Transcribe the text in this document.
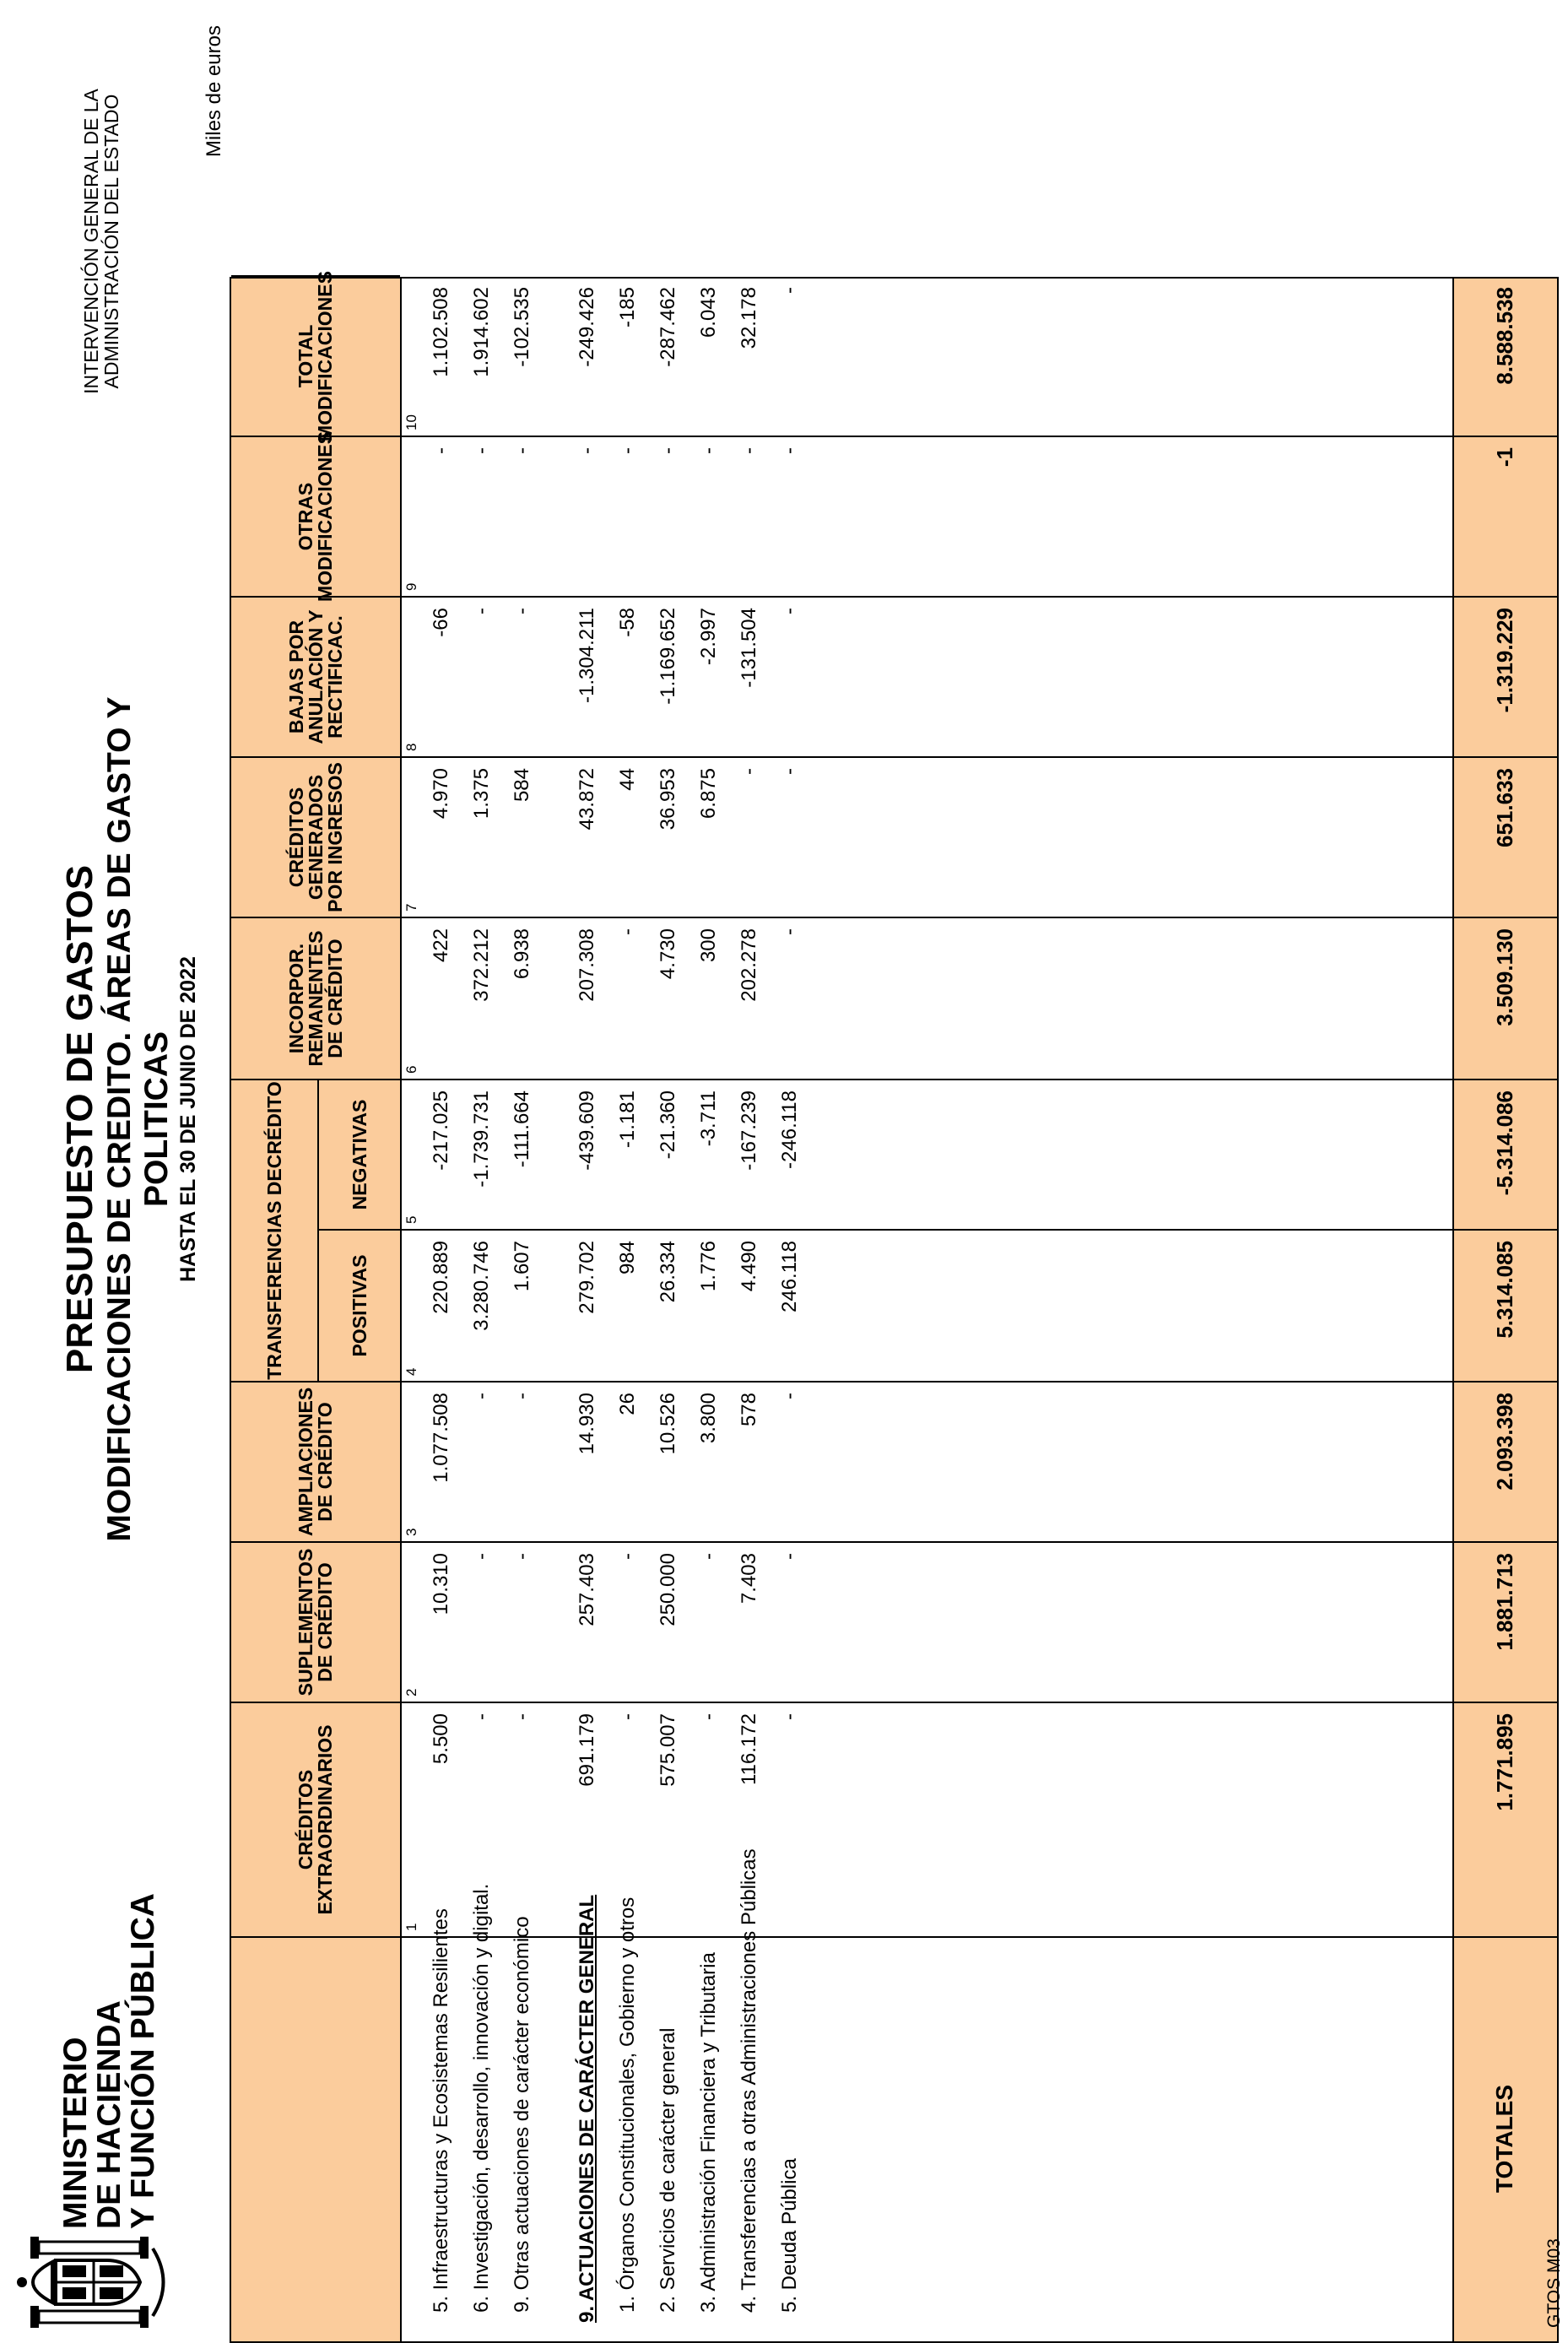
MINISTERIO
DE HACIENDA
Y FUNCIÓN PÚBLICA
PRESUPUESTO DE GASTOS MODIFICACIONES DE CREDITO. ÁREAS DE GASTO Y POLITICAS HASTA EL 30 DE JUNIO DE 2022
INTERVENCIÓN GENERAL DE LA
ADMINISTRACIÓN DEL ESTADO
Miles de euros
CRÉDITOS
EXTRAORDINARIOS
SUPLEMENTOS
DE CRÉDITO
AMPLIACIONES
DE CRÉDITO
INCORPOR.
REMANENTES
DE CRÉDITO
CRÉDITOS
GENERADOS
POR INGRESOS
BAJAS POR
ANULACIÓN Y
RECTIFICAC.
OTRAS
MODIFICACIONES
TOTAL
MODIFICACIONES
TRANSFERENCIAS DECRÉDITO
POSITIVAS
NEGATIVAS
1
2
3
4
5
6
7
8
9
10
5. Infraestructuras y Ecosistemas Resilientes
5.500
10.310
1.077.508
220.889
-217.025
422
4.970
-66
-
1.102.508
6. Investigación, desarrollo, innovación y digital.
-
-
-
3.280.746
-1.739.731
372.212
1.375
-
-
1.914.602
9. Otras actuaciones de carácter económico
-
-
-
1.607
-111.664
6.938
584
-
-
-102.535
9. ACTUACIONES DE CARÁCTER GENERAL
691.179
257.403
14.930
279.702
-439.609
207.308
43.872
-1.304.211
-
-249.426
1. Órganos Constitucionales, Gobierno y otros
-
-
26
984
-1.181
-
44
-58
-
-185
2. Servicios de carácter general
575.007
250.000
10.526
26.334
-21.360
4.730
36.953
-1.169.652
-
-287.462
3. Administración Financiera y Tributaria
-
-
3.800
1.776
-3.711
300
6.875
-2.997
-
6.043
4. Transferencias a otras Administraciones Públicas
116.172
7.403
578
4.490
-167.239
202.278
-
-131.504
-
32.178
5. Deuda Pública
-
-
-
246.118
-246.118
-
-
-
-
-
TOTALES
1.771.895
1.881.713
2.093.398
5.314.085
-5.314.086
3.509.130
651.633
-1.319.229
-1
8.588.538
GTOS M03
